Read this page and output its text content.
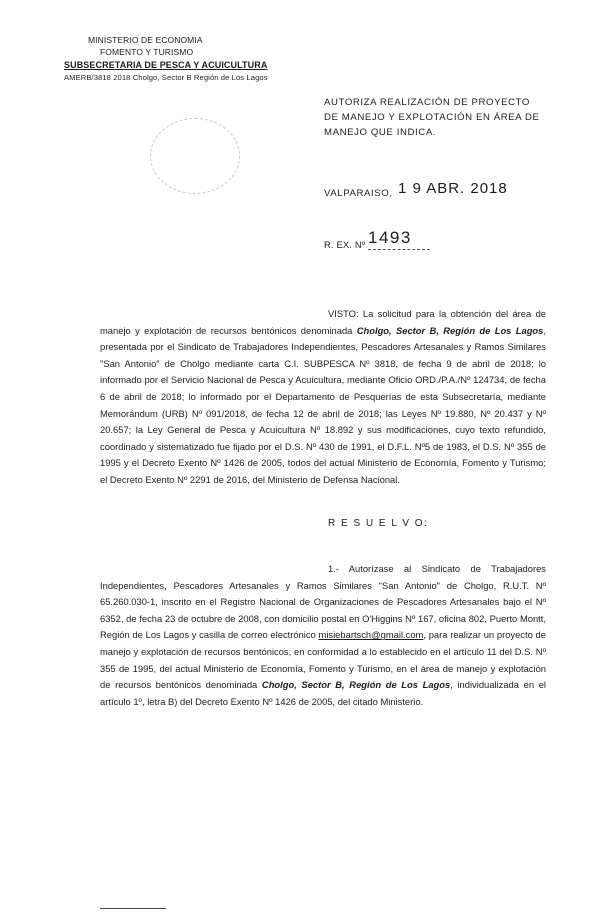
MINISTERIO DE ECONOMIA
FOMENTO Y TURISMO
SUBSECRETARIA DE PESCA Y ACUICULTURA
AMERB/3818 2018 Cholgo, Sector B Región de Los Lagos
AUTORIZA REALIZACIÓN DE PROYECTO DE MANEJO Y EXPLOTACIÓN EN ÁREA DE MANEJO QUE INDICA.
VALPARAISO, 1 9 ABR. 2018
R. EX. Nº 1493
VISTO: La solicitud para la obtención del área de manejo y explotación de recursos bentónicos denominada Cholgo, Sector B, Región de Los Lagos, presentada por el Sindicato de Trabajadores Independientes, Pescadores Artesanales y Ramos Similares "San Antonio" de Cholgo mediante carta C.I. SUBPESCA Nº 3818, de fecha 9 de abril de 2018; lo informado por el Servicio Nacional de Pesca y Acuicultura, mediante Oficio ORD./P.A./Nº 124734, de fecha 6 de abril de 2018; lo informado por el Departamento de Pesquerías de esta Subsecretaría, mediante Memorándum (URB) Nº 091/2018, de fecha 12 de abril de 2018; las Leyes Nº 19.880, Nº 20.437 y Nº 20.657; la Ley General de Pesca y Acuicultura Nº 18.892 y sus modificaciones, cuyo texto refundido, coordinado y sistematizado fue fijado por el D.S. Nº 430 de 1991, el D.F.L. Nº5 de 1983, el D.S. Nº 355 de 1995 y el Decreto Exento Nº 1426 de 2005, todos del actual Ministerio de Economía, Fomento y Turismo; el Decreto Exento Nº 2291 de 2016, del Ministerio de Defensa Nacional.
R E S U E L V O:
1.- Autorízase al Sindicato de Trabajadores Independientes, Pescadores Artesanales y Ramos Similares "San Antonio" de Cholgo, R.U.T. Nº 65.260.030-1, inscrito en el Registro Nacional de Organizaciones de Pescadores Artesanales bajo el Nº 6352, de fecha 23 de octubre de 2008, con domicilio postal en O'Higgins Nº 167, oficina 802, Puerto Montt, Región de Los Lagos y casilla de correo electrónico misiebartsch@gmail.com, para realizar un proyecto de manejo y explotación de recursos bentónicos, en conformidad a lo establecido en el artículo 11 del D.S. Nº 355 de 1995, del actual Ministerio de Economía, Fomento y Turismo, en el área de manejo y explotación de recursos bentónicos denominada Cholgo, Sector B, Región de Los Lagos, individualizada en el artículo 1º, letra B) del Decreto Exento Nº 1426 de 2005, del citado Ministerio.
